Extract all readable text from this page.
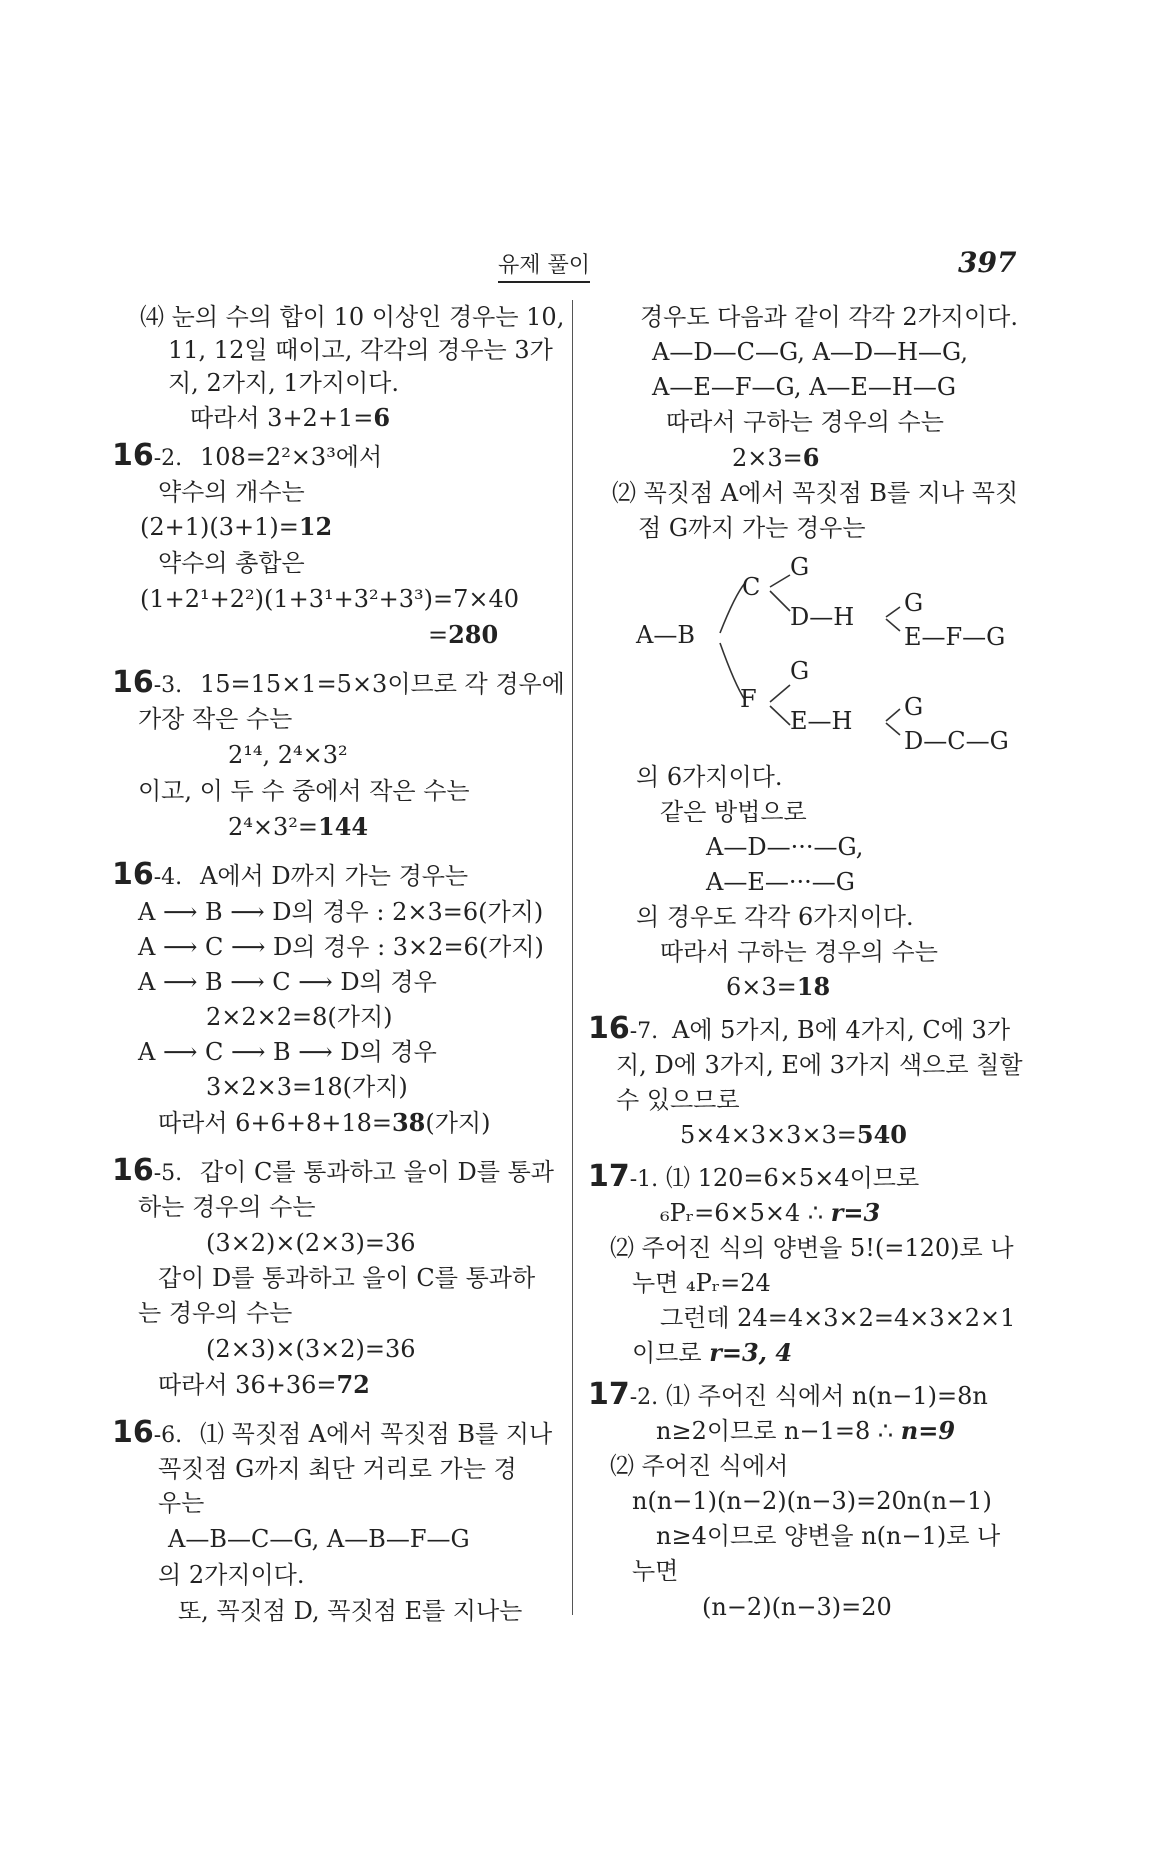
유제 풀이	397
⑷ 눈의 수의 합이 10 이상인 경우는 10,
11, 12일 때이고, 각각의 경우는 3가
지, 2가지, 1가지이다.
따라서 3+2+1=6
16-2. 108=2²×3³에서
약수의 개수는
(2+1)(3+1)=12
약수의 총합은
(1+2¹+2²)(1+3¹+3²+3³)=7×40
=280
16-3. 15=15×1=5×3이므로 각 경우에
가장 작은 수는
2¹⁴, 2⁴×3²
이고, 이 두 수 중에서 작은 수는
2⁴×3²=144
16-4. A에서 D까지 가는 경우는
A ⟶ B ⟶ D의 경우 : 2×3=6(가지)
A ⟶ C ⟶ D의 경우 : 3×2=6(가지)
A ⟶ B ⟶ C ⟶ D의 경우
2×2×2=8(가지)
A ⟶ C ⟶ B ⟶ D의 경우
3×2×3=18(가지)
따라서 6+6+8+18=38(가지)
16-5. 갑이 C를 통과하고 을이 D를 통과
하는 경우의 수는
(3×2)×(2×3)=36
갑이 D를 통과하고 을이 C를 통과하
는 경우의 수는
(2×3)×(3×2)=36
따라서 36+36=72
16-6. ⑴ 꼭짓점 A에서 꼭짓점 B를 지나
꼭짓점 G까지 최단 거리로 가는 경
우는
A—B—C—G, A—B—F—G
의 2가지이다.
또, 꼭짓점 D, 꼭짓점 E를 지나는
경우도 다음과 같이 각각 2가지이다.
A—D—C—G, A—D—H—G,
A—E—F—G, A—E—H—G
따라서 구하는 경우의 수는
2×3=6
⑵ 꼭짓점 A에서 꼭짓점 B를 지나 꼭짓
점 G까지 가는 경우는
A—B
C
F
G
D—H G
E—F—G
G
E—H G
D—C—G
의 6가지이다.
같은 방법으로
A—D—···—G,
A—E—···—G
의 경우도 각각 6가지이다.
따라서 구하는 경우의 수는
6×3=18
16-7. A에 5가지, B에 4가지, C에 3가
지, D에 3가지, E에 3가지 색으로 칠할
수 있으므로
5×4×3×3×3=540
17-1. ⑴ 120=6×5×4이므로
₆Pᵣ=6×5×4 ∴ r=3
⑵ 주어진 식의 양변을 5!(=120)로 나
누면 ₄Pᵣ=24
그런데 24=4×3×2=4×3×2×1
이므로 r=3, 4
17-2. ⑴ 주어진 식에서 n(n−1)=8n
n≥2이므로 n−1=8 ∴ n=9
⑵ 주어진 식에서
n(n−1)(n−2)(n−3)=20n(n−1)
n≥4이므로 양변을 n(n−1)로 나
누면
(n−2)(n−3)=20
